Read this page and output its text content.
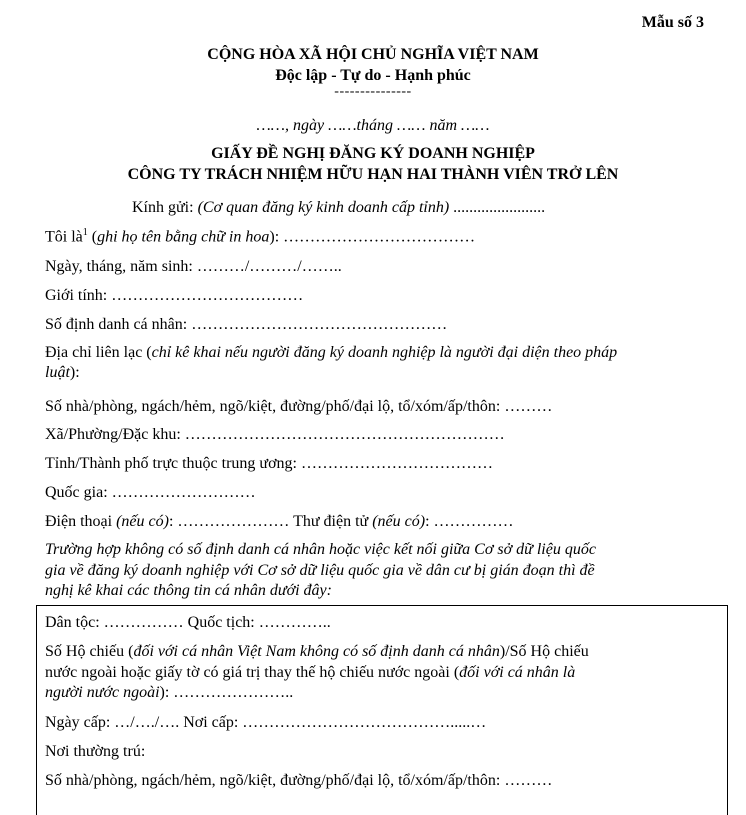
Mẫu số 3
CỘNG HÒA XÃ HỘI CHỦ NGHĨA VIỆT NAM
Độc lập - Tự do - Hạnh phúc
---------------
……, ngày ……tháng …… năm ……
GIẤY ĐỀ NGHỊ ĐĂNG KÝ DOANH NGHIỆP
CÔNG TY TRÁCH NHIỆM HỮU HẠN HAI THÀNH VIÊN TRỞ LÊN
Kính gửi: (Cơ quan đăng ký kinh doanh cấp tỉnh) .......................
Tôi $là^1$ (ghi họ tên bằng chữ in hoa): ………………………………
Ngày, tháng, năm sinh: ………/………/……..
Giới tính: ………………………………
Số định danh cá nhân: …………………………………………
Địa chỉ liên lạc (chỉ kê khai nếu người đăng ký doanh nghiệp là người đại diện theo pháp
luật):
Số nhà/phòng, ngách/hẻm, ngõ/kiệt, đường/phố/đại lộ, tổ/xóm/ấp/thôn: ………
Xã/Phường/Đặc khu: ……………………………………………………
Tỉnh/Thành phố trực thuộc trung ương: ………………………………
Quốc gia: ………………………
Điện thoại (nếu có): ………………… Thư điện tử (nếu có): ……………
Trường hợp không có số định danh cá nhân hoặc việc kết nối giữa Cơ sở dữ liệu quốc
gia về đăng ký doanh nghiệp với Cơ sở dữ liệu quốc gia về dân cư bị gián đoạn thì đề
nghị kê khai các thông tin cá nhân dưới đây:
Dân tộc: …………… Quốc tịch: …………..
Số Hộ chiếu (đối với cá nhân Việt Nam không có số định danh cá nhân)/Số Hộ chiếu
nước ngoài hoặc giấy tờ có giá trị thay thế hộ chiếu nước ngoài (đối với cá nhân là
người nước ngoài): …………………..
Ngày cấp: …/…./…. Nơi cấp: ………………………………….....…
Nơi thường trú:
Số nhà/phòng, ngách/hẻm, ngõ/kiệt, đường/phố/đại lộ, tổ/xóm/ấp/thôn: ………
